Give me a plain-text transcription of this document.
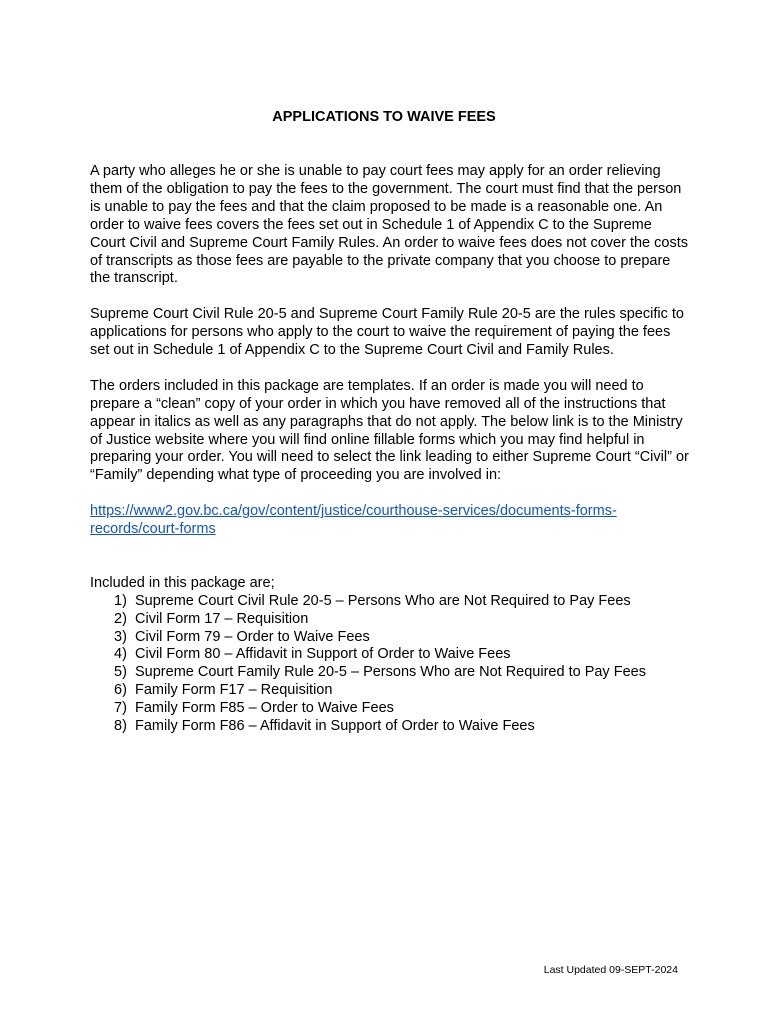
APPLICATIONS TO WAIVE FEES

A party who alleges he or she is unable to pay court fees may apply for an order relieving them of the obligation to pay the fees to the government. The court must find that the person is unable to pay the fees and that the claim proposed to be made is a reasonable one. An order to waive fees covers the fees set out in Schedule 1 of Appendix C to the Supreme Court Civil and Supreme Court Family Rules. An order to waive fees does not cover the costs of transcripts as those fees are payable to the private company that you choose to prepare the transcript.

Supreme Court Civil Rule 20-5 and Supreme Court Family Rule 20-5 are the rules specific to applications for persons who apply to the court to waive the requirement of paying the fees set out in Schedule 1 of Appendix C to the Supreme Court Civil and Family Rules.

The orders included in this package are templates. If an order is made you will need to prepare a “clean” copy of your order in which you have removed all of the instructions that appear in italics as well as any paragraphs that do not apply. The below link is to the Ministry of Justice website where you will find online fillable forms which you may find helpful in preparing your order. You will need to select the link leading to either Supreme Court “Civil” or “Family” depending what type of proceeding you are involved in:

https://www2.gov.bc.ca/gov/content/justice/courthouse-services/documents-forms-records/court-forms

Included in this package are;

1) Supreme Court Civil Rule 20-5 – Persons Who are Not Required to Pay Fees
2) Civil Form 17 – Requisition
3) Civil Form 79 – Order to Waive Fees
4) Civil Form 80 – Affidavit in Support of Order to Waive Fees
5) Supreme Court Family Rule 20-5 – Persons Who are Not Required to Pay Fees
6) Family Form F17 – Requisition
7) Family Form F85 – Order to Waive Fees
8) Family Form F86 – Affidavit in Support of Order to Waive Fees
Last Updated 09-SEPT-2024
